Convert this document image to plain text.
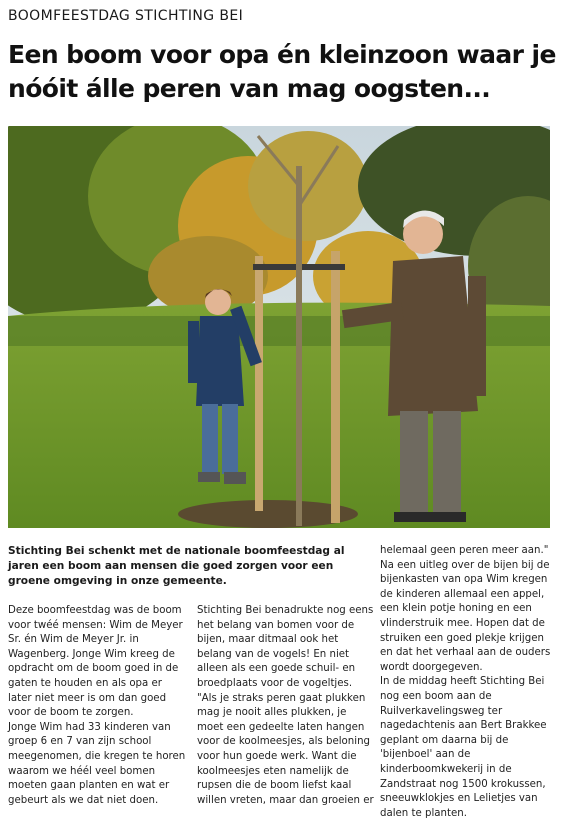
BOOMFEESTDAG STICHTING BEI
Een boom voor opa én kleinzoon waar je nóóit álle peren van mag oogsten...
Stichting Bei schenkt met de nationale boomfeestdag al jaren een boom aan mensen die goed zorgen voor een groene omgeving in onze gemeente.

Deze boomfeestdag was de boom voor twéé mensen: Wim de Meyer Sr. én Wim de Meyer Jr. in Wagenberg. Jonge Wim kreeg de opdracht om de boom goed in de gaten te houden en als opa er later niet meer is om dan goed voor de boom te zorgen.

Jonge Wim had 33 kinderen van groep 6 en 7 van zijn school meegenomen, die kregen te horen waarom we héél veel bomen moeten gaan planten en wat er gebeurt als we dat niet doen.

Stichting Bei benadrukte nog eens het belang van bomen voor de bijen, maar ditmaal ook het belang van de vogels! En niet alleen als een goede schuil- en broedplaats voor de vogeltjes.

"Als je straks peren gaat plukken mag je nooit alles plukken, je moet een gedeelte laten hangen voor de koolmeesjes, als beloning voor hun goede werk. Want die koolmeesjes eten namelijk de rupsen die de boom liefst kaal willen vreten, maar dan groeien er

helemaal geen peren meer aan." Na een uitleg over de bijen bij de bijenkasten van opa Wim kregen de kinderen allemaal een appel, een klein potje honing en een vlinderstruik mee. Hopen dat de struiken een goed plekje krijgen en dat het verhaal aan de ouders wordt doorgegeven.

In de middag heeft Stichting Bei nog een boom aan de Ruilverkavelingsweg ter nagedachtenis aan Bert Brakkee geplant om daarna bij de 'bijenboel' aan de kinderboomkwekerij in de Zandstraat nog 1500 krokussen, sneeuwklokjes en Lelietjes van dalen te planten.
